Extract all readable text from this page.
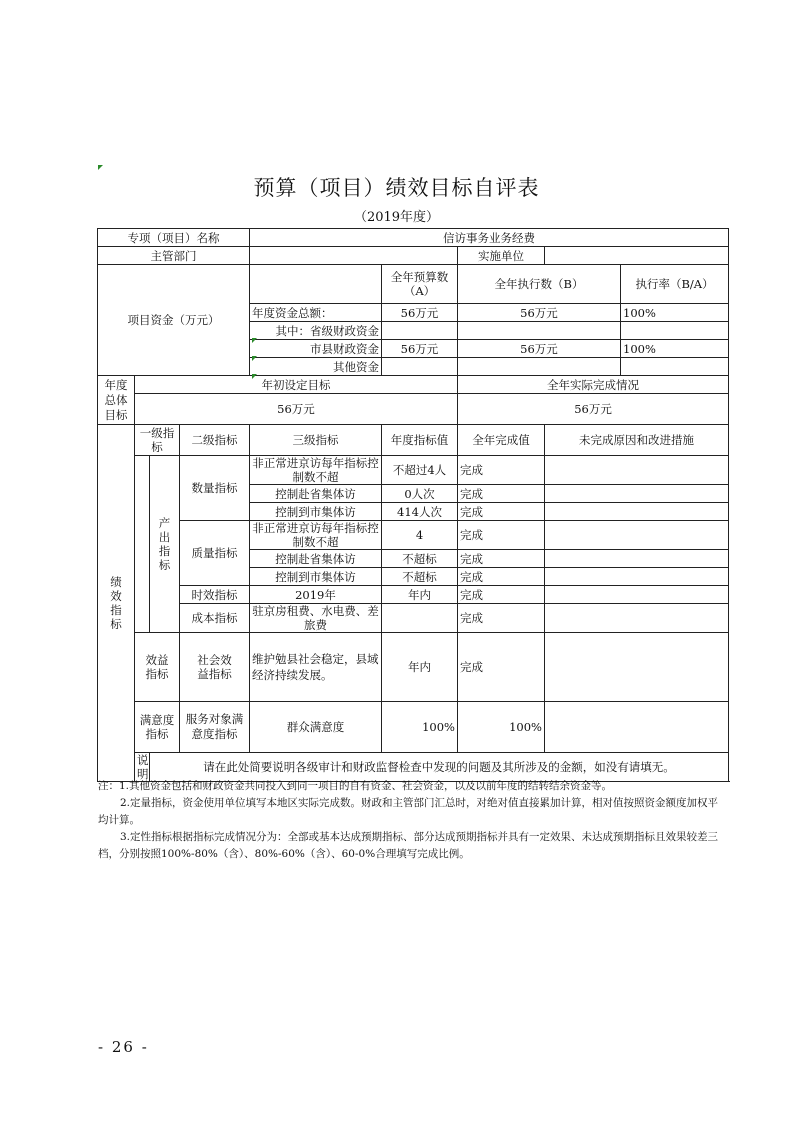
预算（项目）绩效目标自评表
（2019年度）
专项（项目）名称				信访事务业务经费				
主管部门						实施单位		
项目资金（万元）					全年预算数（A）	全年执行数（B）		执行率（B/A）
				年度资金总额：	56万元	56万元		100%
				其中：省级财政资金				
				市县财政资金	56万元	56万元		100%
				其他资金				
年度总体目标	年初设定目标					全年实际完成情况		
	56万元					56万元		
绩效指标	一级指标		二级指标	三级指标	年度指标值	全年完成值	未完成原因和改进措施	
		产出指标	数量指标	非正常进京访每年指标控制数不超	不超过4人	完成		
				控制赴省集体访	0人次	完成		
				控制到市集体访	414人次	完成		
			质量指标	非正常进京访每年指标控制数不超	4	完成		
				控制赴省集体访	不超标	完成		
				控制到市集体访	不超标	完成		
			时效指标	2019年	年内	完成		
			成本指标	驻京房租费、水电费、差旅费		完成		
	效益指标		社会效益指标	维护勉县社会稳定，县域经济持续发展。	年内	完成		
	满意度指标		服务对象满意度指标	群众满意度	100%	100%		
	说明	请在此处简要说明各级审计和财政监督检查中发现的问题及其所涉及的金额，如没有请填无。						

注：1.其他资金包括和财政资金共同投入到同一项目的自有资金、社会资金，以及以前年度的结转结余资金等。

2.定量指标，资金使用单位填写本地区实际完成数。财政和主管部门汇总时，对绝对值直接累加计算，相对值按照资金额度加权平均计算。

3.定性指标根据指标完成情况分为：全部或基本达成预期指标、部分达成预期指标并具有一定效果、未达成预期指标且效果较差三档，分别按照100%-80%（含）、80%-60%（含）、60-0%合理填写完成比例。

- 26 -
